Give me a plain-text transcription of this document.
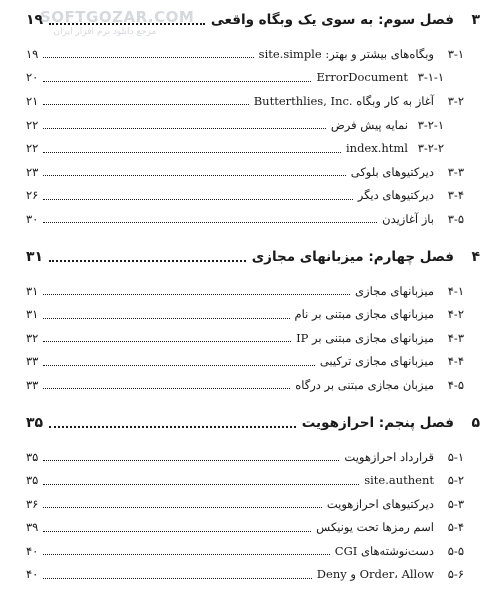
SOFTGOZAR.COM
مرجع دانلود نرم افزار ایران
۳
فصل سوم: به سوی یک وبگاه واقعی
۱۹
۳-۱
وبگاه‌های بیشتر و بهتر: site.simple
۱۹
۳-۱-۱
ErrorDocument
۲۰
۳-۲
آغاز به کار وبگاه Butterthlies, Inc.
۲۱
۳-۲-۱
نمایه پیش فرض
۲۲
۳-۲-۲
index.html
۲۲
۳-۳
دیرکتیوهای بلوکی
۲۳
۳-۴
دیرکتیوهای دیگر
۲۶
۳-۵
باز آغازیدن
۳۰
۴
فصل چهارم: میزبانهای مجازی
۳۱
۴-۱
میزبانهای مجازی
۳۱
۴-۲
میزبانهای مجازی مبتنی بر نام
۳۱
۴-۳
میزبانهای مجازی مبتنی بر IP
۳۲
۴-۴
میزبانهای مجازی ترکیبی
۳۳
۴-۵
میزبان مجازی مبتنی بر درگاه
۳۳
۵
فصل پنجم: احرازهویت
۳۵
۵-۱
قرارداد احرازهویت
۳۵
۵-۲
site.authent
۳۵
۵-۳
دیرکتیوهای احرازهویت
۳۶
۵-۴
اسم رمزها تحت یونیکس
۳۹
۵-۵
دست‌نوشته‌های CGI
۴۰
۵-۶
Order، Allow و Deny
۴۰
